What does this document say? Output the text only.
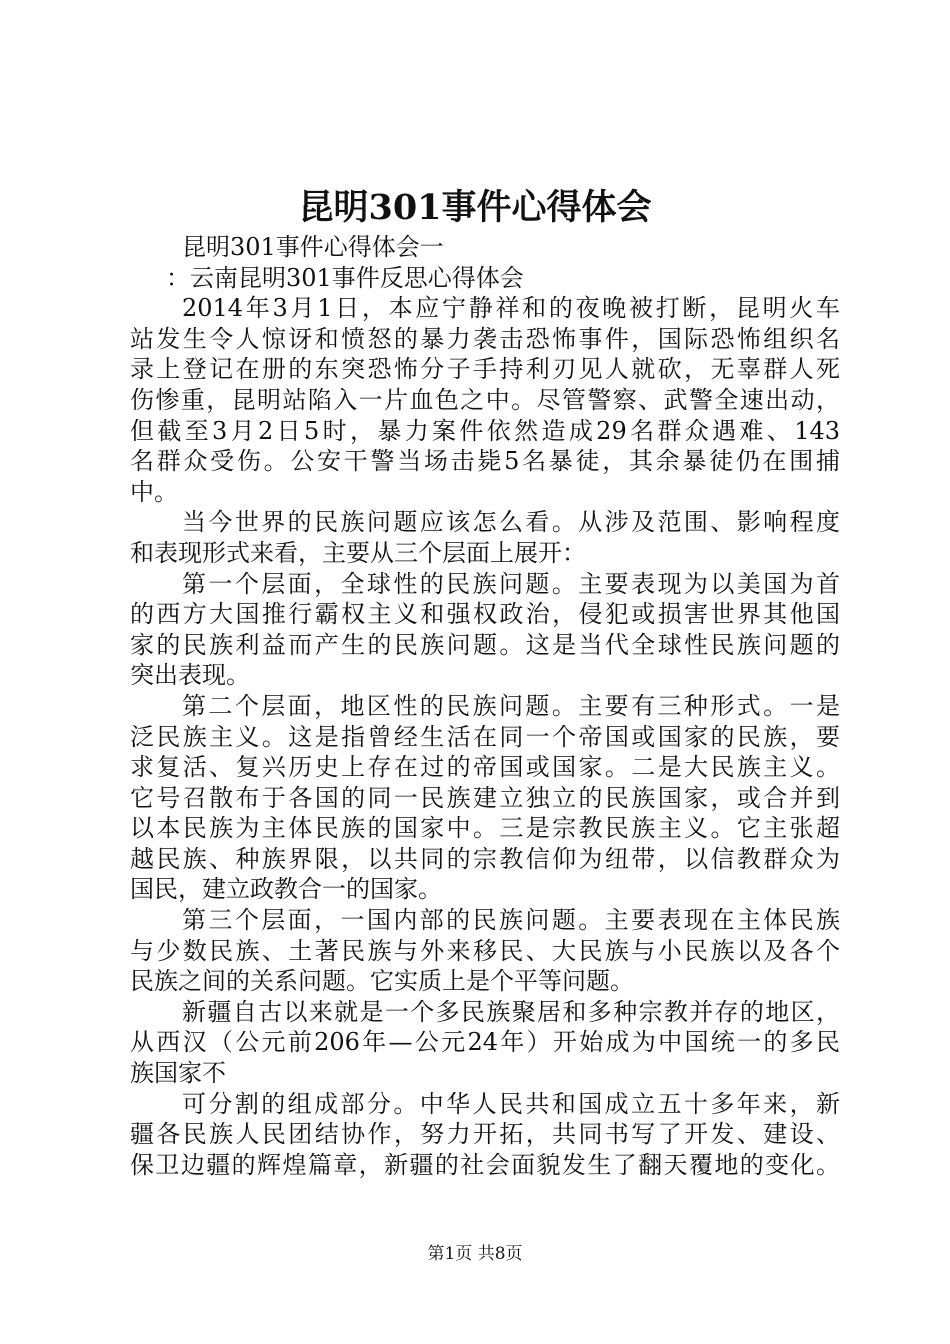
昆明301事件心得体会
昆明301事件心得体会一
：云南昆明301事件反思心得体会
2014年3月1日，本应宁静祥和的夜晚被打断，昆明火车
站发生令人惊讶和愤怒的暴力袭击恐怖事件，国际恐怖组织名
录上登记在册的东突恐怖分子手持利刃见人就砍，无辜群人死
伤惨重，昆明站陷入一片血色之中。尽管警察、武警全速出动，
但截至3月2日5时，暴力案件依然造成29名群众遇难、143
名群众受伤。公安干警当场击毙5名暴徒，其余暴徒仍在围捕
中。
当今世界的民族问题应该怎么看。从涉及范围、影响程度
和表现形式来看，主要从三个层面上展开：
第一个层面，全球性的民族问题。主要表现为以美国为首
的西方大国推行霸权主义和强权政治，侵犯或损害世界其他国
家的民族利益而产生的民族问题。这是当代全球性民族问题的
突出表现。
第二个层面，地区性的民族问题。主要有三种形式。一是
泛民族主义。这是指曾经生活在同一个帝国或国家的民族，要
求复活、复兴历史上存在过的帝国或国家。二是大民族主义。
它号召散布于各国的同一民族建立独立的民族国家，或合并到
以本民族为主体民族的国家中。三是宗教民族主义。它主张超
越民族、种族界限，以共同的宗教信仰为纽带，以信教群众为
国民，建立政教合一的国家。
第三个层面，一国内部的民族问题。主要表现在主体民族
与少数民族、土著民族与外来移民、大民族与小民族以及各个
民族之间的关系问题。它实质上是个平等问题。
新疆自古以来就是一个多民族聚居和多种宗教并存的地区，
从西汉（公元前206年—公元24年）开始成为中国统一的多民
族国家不
可分割的组成部分。中华人民共和国成立五十多年来，新
疆各民族人民团结协作，努力开拓，共同书写了开发、建设、
保卫边疆的辉煌篇章，新疆的社会面貌发生了翻天覆地的变化。
第1页 共8页
